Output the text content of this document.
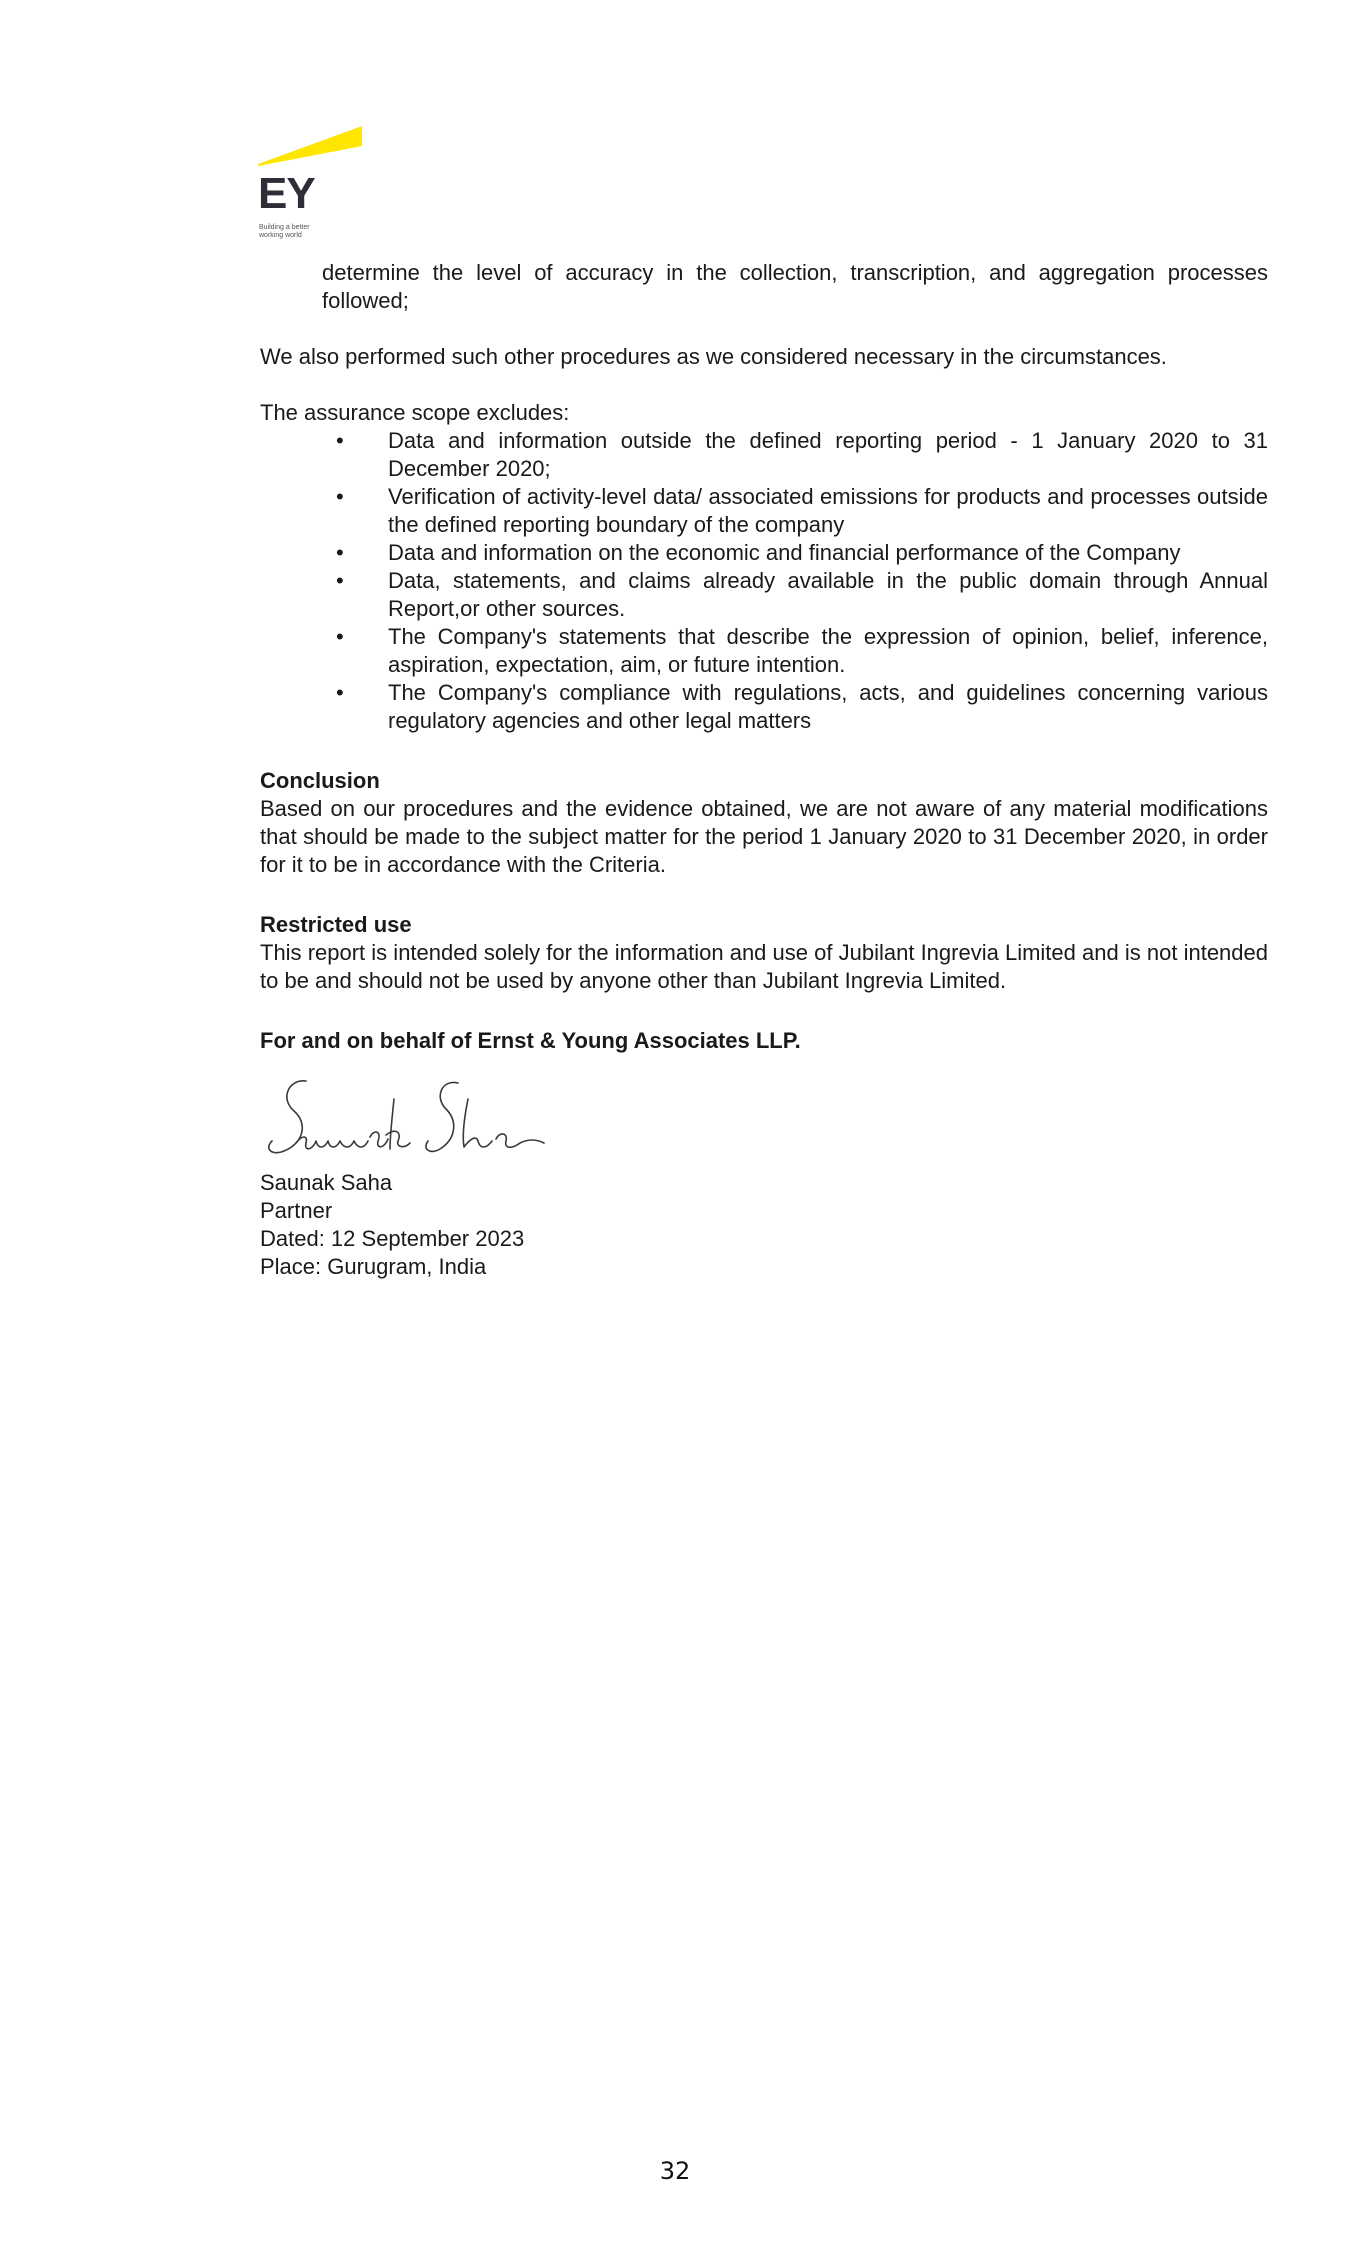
EY
Building a better working world

determine the level of accuracy in the collection, transcription, and aggregation processes followed;

We also performed such other procedures as we considered necessary in the circumstances.

The assurance scope excludes:

• Data and information outside the defined reporting period - 1 January 2020 to 31 December 2020;
• Verification of activity-level data/ associated emissions for products and processes outside the defined reporting boundary of the company
• Data and information on the economic and financial performance of the Company
• Data, statements, and claims already available in the public domain through Annual Report,or other sources.
• The Company's statements that describe the expression of opinion, belief, inference, aspiration, expectation, aim, or future intention.
• The Company's compliance with regulations, acts, and guidelines concerning various regulatory agencies and other legal matters
Conclusion

Based on our procedures and the evidence obtained, we are not aware of any material modifications that should be made to the subject matter for the period 1 January 2020 to 31 December 2020, in order for it to be in accordance with the Criteria.

Restricted use

This report is intended solely for the information and use of Jubilant Ingrevia Limited and is not intended to be and should not be used by anyone other than Jubilant Ingrevia Limited.

For and on behalf of Ernst & Young Associates LLP.

Saunak Saha

Partner

Dated: 12 September 2023

Place: Gurugram, India

32
